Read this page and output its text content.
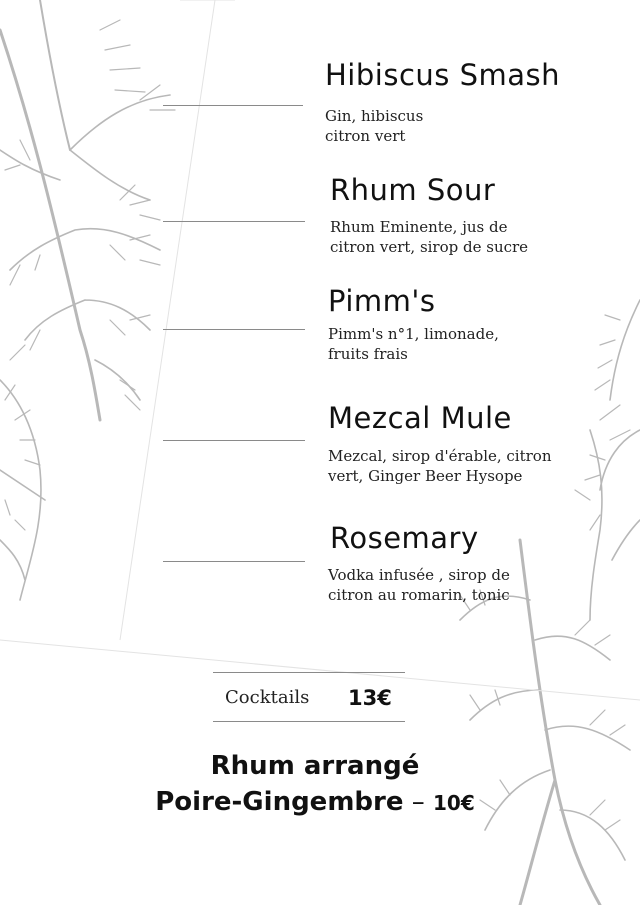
Hibiscus Smash
Gin, hibiscus
citron vert
Rhum Sour
Rhum Eminente, jus de
citron vert, sirop de sucre
Pimm's
Pimm's n°1, limonade,
fruits frais
Mezcal Mule
Mezcal, sirop d'érable, citron
vert, Ginger Beer Hysope
Rosemary
Vodka infusée , sirop de
citron au romarin, tonic
Cocktails 13€
Rhum arrangé
Poire-Gingembre – 10€
